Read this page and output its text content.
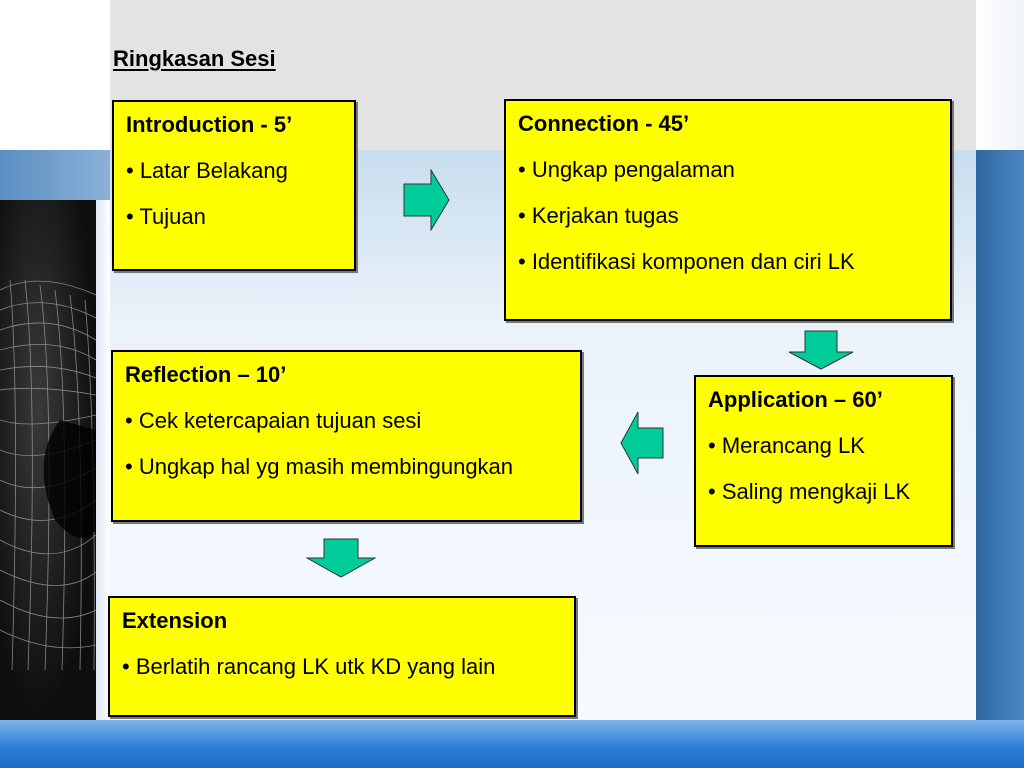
Ringkasan Sesi
Introduction - 5’
• Latar Belakang
• Tujuan
Connection - 45’
• Ungkap pengalaman
• Kerjakan tugas
• Identifikasi komponen dan ciri LK
Reflection – 10’
• Cek ketercapaian tujuan sesi
• Ungkap hal yg masih membingungkan
Application – 60’
• Merancang LK
• Saling mengkaji LK
Extension
• Berlatih rancang LK utk KD yang lain
